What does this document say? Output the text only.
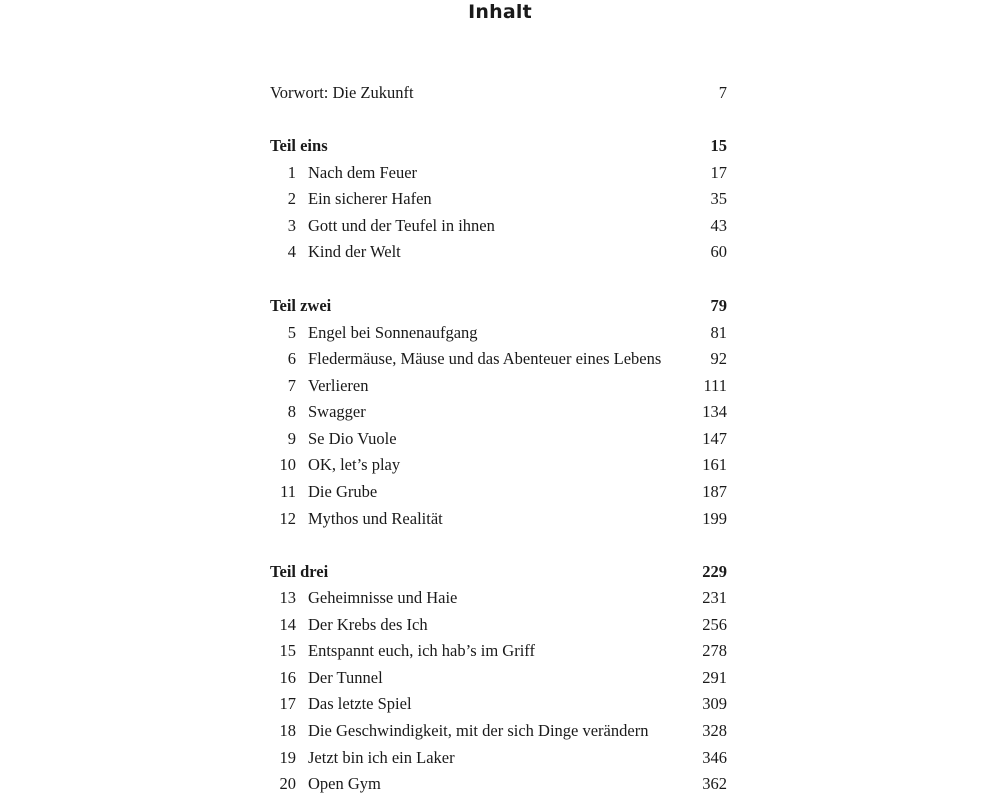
Inhalt
Vorwort: Die Zukunft	7
Teil eins	15
1 Nach dem Feuer	17
2 Ein sicherer Hafen	35
3 Gott und der Teufel in ihnen	43
4 Kind der Welt	60
Teil zwei	79
5 Engel bei Sonnenaufgang	81
6 Fledermäuse, Mäuse und das Abenteuer eines Lebens	92
7 Verlieren	111
8 Swagger	134
9 Se Dio Vuole	147
10 OK, let’s play	161
11 Die Grube	187
12 Mythos und Realität	199
Teil drei	229
13 Geheimnisse und Haie	231
14 Der Krebs des Ich	256
15 Entspannt euch, ich hab’s im Griff	278
16 Der Tunnel	291
17 Das letzte Spiel	309
18 Die Geschwindigkeit, mit der sich Dinge verändern	328
19 Jetzt bin ich ein Laker	346
20 Open Gym	362
